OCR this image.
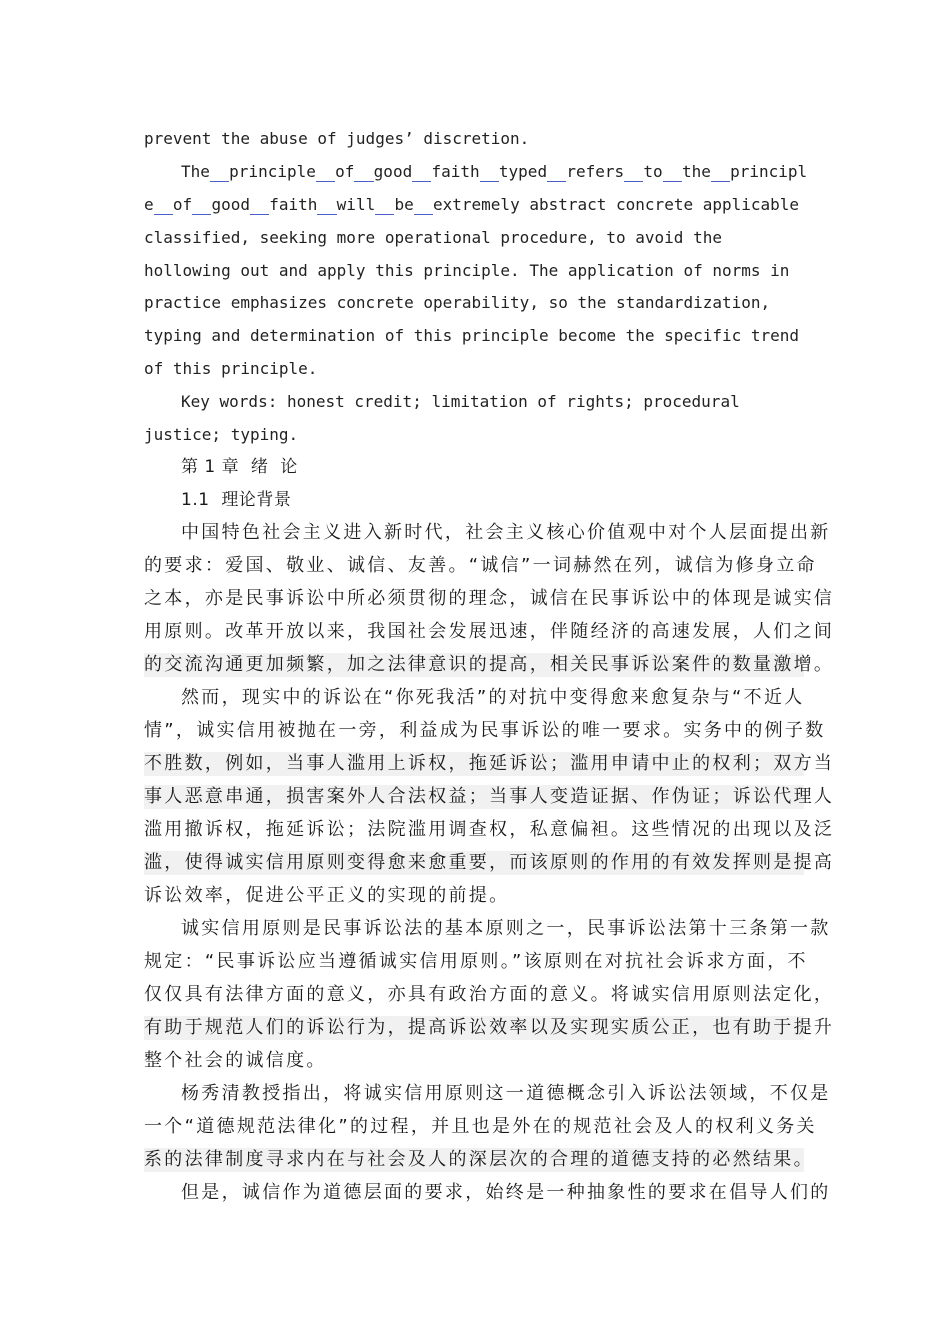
prevent the abuse of judges’ discretion.
The principle of good faith typed refers to the principl
e of good faith will be extremely abstract concrete applicable
classified, seeking more operational procedure, to avoid the
hollowing out and apply this principle. The application of norms in
practice emphasizes concrete operability, so the standardization,
typing and determination of this principle become the specific trend
of this principle.
Key words: honest credit; limitation of rights; procedural
justice; typing.
第 1 章  绪  论
1.1  理论背景
中国特色社会主义进入新时代，社会主义核心价值观中对个人层面提出新
的要求：爱国、敬业、诚信、友善。“诚信”一词赫然在列，诚信为修身立命
之本，亦是民事诉讼中所必须贯彻的理念，诚信在民事诉讼中的体现是诚实信
用原则。改革开放以来，我国社会发展迅速，伴随经济的高速发展，人们之间
的交流沟通更加频繁，加之法律意识的提高，相关民事诉讼案件的数量激增。
然而，现实中的诉讼在“你死我活”的对抗中变得愈来愈复杂与“不近人
情”，诚实信用被抛在一旁，利益成为民事诉讼的唯一要求。实务中的例子数
不胜数，例如，当事人滥用上诉权，拖延诉讼；滥用申请中止的权利；双方当
事人恶意串通，损害案外人合法权益；当事人变造证据、作伪证；诉讼代理人
滥用撤诉权，拖延诉讼；法院滥用调查权，私意偏袒。这些情况的出现以及泛
滥，使得诚实信用原则变得愈来愈重要，而该原则的作用的有效发挥则是提高
诉讼效率，促进公平正义的实现的前提。
诚实信用原则是民事诉讼法的基本原则之一，民事诉讼法第十三条第一款
规定：“民事诉讼应当遵循诚实信用原则。”该原则在对抗社会诉求方面，不
仅仅具有法律方面的意义，亦具有政治方面的意义。将诚实信用原则法定化，
有助于规范人们的诉讼行为，提高诉讼效率以及实现实质公正，也有助于提升
整个社会的诚信度。
杨秀清教授指出，将诚实信用原则这一道德概念引入诉讼法领域，不仅是
一个“道德规范法律化”的过程，并且也是外在的规范社会及人的权利义务关
系的法律制度寻求内在与社会及人的深层次的合理的道德支持的必然结果。
但是，诚信作为道德层面的要求，始终是一种抽象性的要求在倡导人们的
